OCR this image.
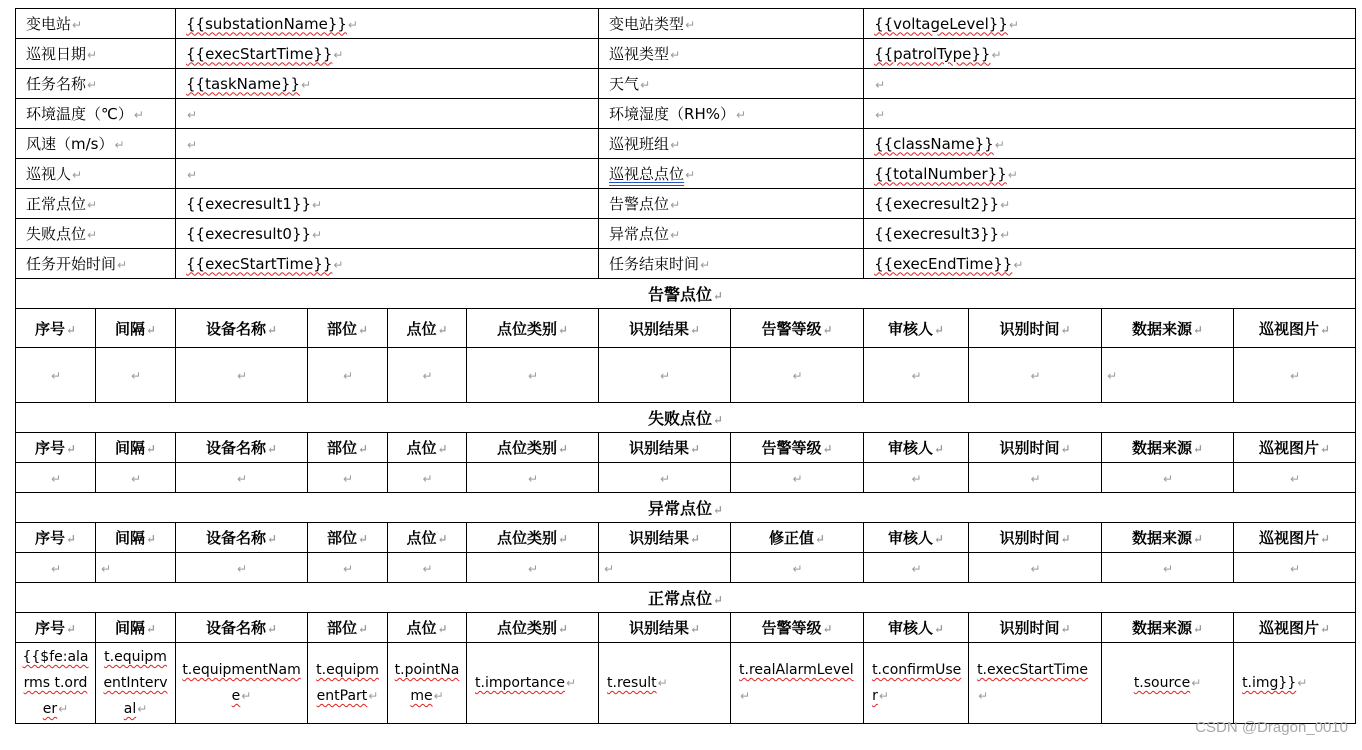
变电站↵		{{substationName}}↵				变电站类型↵		{{voltageLevel}}↵			
巡视日期↵		{{execStartTime}}↵				巡视类型↵		{{patrolType}}↵			
任务名称↵		{{taskName}}↵				天气↵		↵			
环境温度（℃）↵		↵				环境湿度（RH%）↵		↵			
风速（m/s）↵		↵				巡视班组↵		{{className}}↵			
巡视人↵		↵				巡视总点位↵		{{totalNumber}}↵			
正常点位↵		{{execresult1}}↵				告警点位↵		{{execresult2}}↵			
失败点位↵		{{execresult0}}↵				异常点位↵		{{execresult3}}↵			
任务开始时间↵		{{execStartTime}}↵				任务结束时间↵		{{execEndTime}}↵			
告警点位↵											
序号↵	间隔↵	设备名称↵	部位↵	点位↵	点位类别↵	识别结果↵	告警等级↵	审核人↵	识别时间↵	数据来源↵	巡视图片↵
↵	↵	↵	↵	↵	↵	↵	↵	↵	↵	↵	↵
失败点位↵											
序号↵	间隔↵	设备名称↵	部位↵	点位↵	点位类别↵	识别结果↵	告警等级↵	审核人↵	识别时间↵	数据来源↵	巡视图片↵
↵	↵	↵	↵	↵	↵	↵	↵	↵	↵	↵	↵
异常点位↵											
序号↵	间隔↵	设备名称↵	部位↵	点位↵	点位类别↵	识别结果↵	修正值↵	审核人↵	识别时间↵	数据来源↵	巡视图片↵
↵	↵	↵	↵	↵	↵	↵	↵	↵	↵	↵	↵
正常点位↵											
序号↵	间隔↵	设备名称↵	部位↵	点位↵	点位类别↵	识别结果↵	告警等级↵	审核人↵	识别时间↵	数据来源↵	巡视图片↵
{{$fe:alarms t.order↵	t.equipmentInterval↵	t.equipmentName↵	t.equipmentPart↵	t.pointName↵	t.importance↵	t.result↵	t.realAlarmLevel↵	t.confirmUser↵	t.execStartTime↵	t.source↵	t.img}}↵
CSDN @Dragon_0010
